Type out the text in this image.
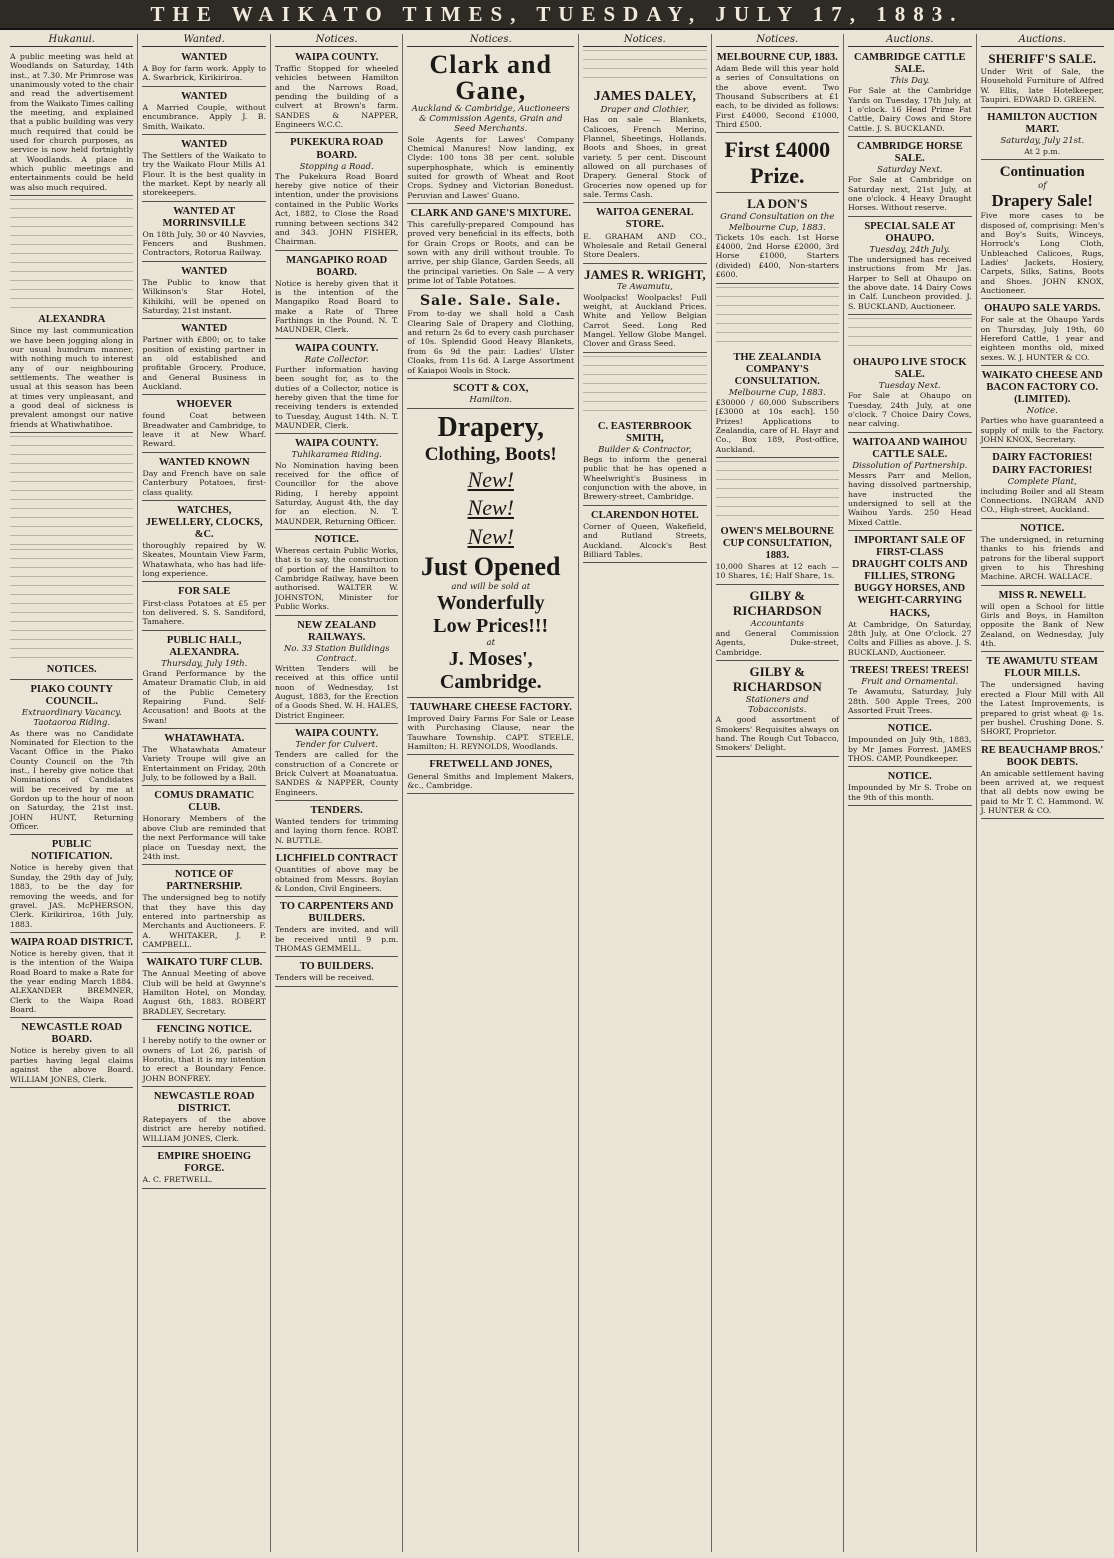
THE WAIKATO TIMES, TUESDAY, JULY 17, 1883.
Hukanui.
A public meeting was held at Woodlands on Saturday, 14th inst., at 7.30. Mr Primrose was unanimously voted to the chair and read the advertisement from the Waikato Times calling the meeting, and explained that a public building was very much required that could be used for church purposes, as service is now held fortnightly at Woodlands. A place in which public meetings and entertainments could be held was also much required.
ALEXANDRA
Since my last communication we have been jogging along in our usual humdrum manner, with nothing much to interest any of our neighbouring settlements. The weather is usual at this season has been at times very unpleasant, and a good deal of sickness is prevalent amongst our native friends at Whatiwhatihoe.
NOTICES.
PIAKO COUNTY COUNCIL.
Extraordinary Vacancy. Taotaoroa Riding.
As there was no Candidate Nominated for Election to the Vacant Office in the Piako County Council on the 7th inst., I hereby give notice that Nominations of Candidates will be received by me at Gordon up to the hour of noon on Saturday, the 21st inst. JOHN HUNT, Returning Officer.
PUBLIC NOTIFICATION.
Notice is hereby given that Sunday, the 29th day of July, 1883, to be the day for removing the weeds, and for gravel. JAS. McPHERSON, Clerk. Kirikiriroa, 16th July, 1883.
WAIPA ROAD DISTRICT.
Notice is hereby given, that it is the intention of the Waipa Road Board to make a Rate for the year ending March 1884. ALEXANDER BREMNER, Clerk to the Waipa Road Board.
NEWCASTLE ROAD BOARD.
Notice is hereby given to all parties having legal claims against the above Board. WILLIAM JONES, Clerk.
Wanted.
WANTED
A Boy for farm work. Apply to A. Swarbrick, Kirikiriroa.
WANTED
A Married Couple, without encumbrance. Apply J. B. Smith, Waikato.
WANTED
The Settlers of the Waikato to try the Waikato Flour Mills A1 Flour. It is the best quality in the market. Kept by nearly all storekeepers.
WANTED AT MORRINSVILLE
On 18th July, 30 or 40 Navvies, Fencers and Bushmen. Contractors, Rotorua Railway.
WANTED
The Public to know that Wilkinson's Star Hotel, Kihikihi, will be opened on Saturday, 21st instant.
WANTED
Partner with £800; or, to take position of existing partner in an old established and profitable Grocery, Produce, and General Business in Auckland.
WHOEVER
found Coat between Breadwater and Cambridge, to leave it at New Wharf. Reward.
WANTED KNOWN
Day and French have on sale Canterbury Potatoes, first-class quality.
WATCHES, JEWELLERY, CLOCKS, &C.
thoroughly repaired by W. Skeates, Mountain View Farm, Whatawhata, who has had life-long experience.
FOR SALE
First-class Potatoes at £5 per ton delivered. S. S. Sandiford, Tamahere.
PUBLIC HALL, ALEXANDRA.
Thursday, July 19th.
Grand Performance by the Amateur Dramatic Club, in aid of the Public Cemetery Repairing Fund. Self-Accusation! and Boots at the Swan!
WHATAWHATA.
The Whatawhata Amateur Variety Troupe will give an Entertainment on Friday, 20th July, to be followed by a Ball.
COMUS DRAMATIC CLUB.
Honorary Members of the above Club are reminded that the next Performance will take place on Tuesday next, the 24th inst.
NOTICE OF PARTNERSHIP.
The undersigned beg to notify that they have this day entered into partnership as Merchants and Auctioneers. F. A. WHITAKER, J. P. CAMPBELL.
WAIKATO TURF CLUB.
The Annual Meeting of above Club will be held at Gwynne's Hamilton Hotel, on Monday, August 6th, 1883. ROBERT BRADLEY, Secretary.
FENCING NOTICE.
I hereby notify to the owner or owners of Lot 26, parish of Horotiu, that it is my intention to erect a Boundary Fence. JOHN BONFREY.
NEWCASTLE ROAD DISTRICT.
Ratepayers of the above district are hereby notified. WILLIAM JONES, Clerk.
EMPIRE SHOEING FORGE.
A. C. FRETWELL.
Notices.
WAIPA COUNTY.
Traffic Stopped for wheeled vehicles between Hamilton and the Narrows Road, pending the building of a culvert at Brown's farm. SANDES & NAPPER, Engineers W.C.C.
PUKEKURA ROAD BOARD.
Stopping a Road.
The Pukekura Road Board hereby give notice of their intention, under the provisions contained in the Public Works Act, 1882, to Close the Road running between sections 342 and 343. JOHN FISHER, Chairman.
MANGAPIKO ROAD BOARD.
Notice is hereby given that it is the intention of the Mangapiko Road Board to make a Rate of Three Farthings in the Pound. N. T. MAUNDER, Clerk.
WAIPA COUNTY.
Rate Collector.
Further information having been sought for, as to the duties of a Collector, notice is hereby given that the time for receiving tenders is extended to Tuesday, August 14th. N. T. MAUNDER, Clerk.
WAIPA COUNTY.
Tuhikaramea Riding.
No Nomination having been received for the office of Councillor for the above Riding, I hereby appoint Saturday, August 4th, the day for an election. N. T. MAUNDER, Returning Officer.
NOTICE.
Whereas certain Public Works, that is to say, the construction of portion of the Hamilton to Cambridge Railway, have been authorised. WALTER W. JOHNSTON, Minister for Public Works.
NEW ZEALAND RAILWAYS.
No. 33 Station Buildings Contract.
Written Tenders will be received at this office until noon of Wednesday, 1st August, 1883, for the Erection of a Goods Shed. W. H. HALES, District Engineer.
WAIPA COUNTY.
Tender for Culvert.
Tenders are called for the construction of a Concrete or Brick Culvert at Moanatuatua. SANDES & NAPPER, County Engineers.
TENDERS.
Wanted tenders for trimming and laying thorn fence. ROBT. N. BUTTLE.
LICHFIELD CONTRACT
Quantities of above may be obtained from Messrs. Boylan & London, Civil Engineers.
TO CARPENTERS AND BUILDERS.
Tenders are invited, and will be received until 9 p.m. THOMAS GEMMELL.
TO BUILDERS.
Tenders will be received.
Notices.
Clark and Gane,
Auckland & Cambridge, Auctioneers & Commission Agents, Grain and Seed Merchants.
Sole Agents for Lawes' Company Chemical Manures! Now landing, ex Clyde: 100 tons 38 per cent. soluble superphosphate, which is eminently suited for growth of Wheat and Root Crops. Sydney and Victorian Bonedust. Peruvian and Lawes' Guano.
CLARK AND GANE'S MIXTURE.
This carefully-prepared Compound has proved very beneficial in its effects, both for Grain Crops or Roots, and can be sown with any drill without trouble. To arrive, per ship Glance, Garden Seeds, all the principal varieties. On Sale — A very prime lot of Table Potatoes.
Sale. Sale. Sale.
From to-day we shall hold a Cash Clearing Sale of Drapery and Clothing, and return 2s 6d to every cash purchaser of 10s. Splendid Good Heavy Blankets, from 6s 9d the pair. Ladies' Ulster Cloaks, from 11s 6d. A Large Assortment of Kaiapoi Wools in Stock.
SCOTT & COX,
Hamilton.
Drapery,
Clothing, Boots!
New!
New!
New!
Just Opened
and will be sold at
Wonderfully
Low Prices!!!
at
J. Moses',
Cambridge.
TAUWHARE CHEESE FACTORY.
Improved Dairy Farms For Sale or Lease with Purchasing Clause, near the Tauwhare Township. CAPT. STEELE, Hamilton; H. REYNOLDS, Woodlands.
FRETWELL AND JONES,
General Smiths and Implement Makers, &c., Cambridge.
Notices.
JAMES DALEY,
Draper and Clothier,
Has on sale — Blankets, Calicoes, French Merino, Flannel, Sheetings, Hollands. Boots and Shoes, in great variety. 5 per cent. Discount allowed on all purchases of Drapery. General Stock of Groceries now opened up for sale. Terms Cash.
WAITOA GENERAL STORE.
E. GRAHAM AND CO., Wholesale and Retail General Store Dealers.
JAMES R. WRIGHT,
Te Awamutu,
Woolpacks! Woolpacks! Full weight, at Auckland Prices. White and Yellow Belgian Carrot Seed. Long Red Mangel. Yellow Globe Mangel. Clover and Grass Seed.
C. EASTERBROOK SMITH,
Builder & Contractor,
Begs to inform the general public that he has opened a Wheelwright's Business in conjunction with the above, in Brewery-street, Cambridge.
CLARENDON HOTEL
Corner of Queen, Wakefield, and Rutland Streets, Auckland. Alcock's Best Billiard Tables.
Notices.
MELBOURNE CUP, 1883.
Adam Bede will this year hold a series of Consultations on the above event. Two Thousand Subscribers at £1 each, to be divided as follows: First £4000, Second £1000, Third £500.
First £4000 Prize.
LA DON'S
Grand Consultation on the Melbourne Cup, 1883.
Tickets 10s each. 1st Horse £4000, 2nd Horse £2000, 3rd Horse £1000, Starters (divided) £400, Non-starters £600.
THE ZEALANDIA COMPANY'S CONSULTATION.
Melbourne Cup, 1883.
£30000 / 60,000 Subscribers [£3000 at 10s each]. 150 Prizes! Applications to Zealandia, care of H. Hayr and Co., Box 189, Post-office, Auckland.
OWEN'S MELBOURNE CUP CONSULTATION, 1883.
10,000 Shares at 12 each — 10 Shares, 1£; Half Share, 1s.
GILBY & RICHARDSON
Accountants
and General Commission Agents, Duke-street, Cambridge.
GILBY & RICHARDSON
Stationers and Tobacconists.
A good assortment of Smokers' Requisites always on hand. The Rough Cut Tobacco, Smokers' Delight.
Auctions.
CAMBRIDGE CATTLE SALE.
This Day.
For Sale at the Cambridge Yards on Tuesday, 17th July, at 1 o'clock. 16 Head Prime Fat Cattle, Dairy Cows and Store Cattle. J. S. BUCKLAND.
CAMBRIDGE HORSE SALE.
Saturday Next.
For Sale at Cambridge on Saturday next, 21st July, at one o'clock. 4 Heavy Draught Horses. Without reserve.
SPECIAL SALE AT OHAUPO.
Tuesday, 24th July.
The undersigned has received instructions from Mr Jas. Harper to Sell at Ohaupo on the above date. 14 Dairy Cows in Calf. Luncheon provided. J. S. BUCKLAND, Auctioneer.
OHAUPO LIVE STOCK SALE.
Tuesday Next.
For Sale at Ohaupo on Tuesday, 24th July, at one o'clock. 7 Choice Dairy Cows, near calving.
WAITOA AND WAIHOU CATTLE SALE.
Dissolution of Partnership.
Messrs Parr and Mellon, having dissolved partnership, have instructed the undersigned to sell at the Waihou Yards. 250 Head Mixed Cattle.
IMPORTANT SALE OF FIRST-CLASS DRAUGHT COLTS AND FILLIES, STRONG BUGGY HORSES, AND WEIGHT-CARRYING HACKS,
At Cambridge, On Saturday, 28th July, at One O'clock. 27 Colts and Fillies as above. J. S. BUCKLAND, Auctioneer.
TREES! TREES! TREES!
Fruit and Ornamental.
Te Awamutu, Saturday, July 28th. 500 Apple Trees, 200 Assorted Fruit Trees.
NOTICE.
Impounded on July 9th, 1883, by Mr James Forrest. JAMES THOS. CAMP, Poundkeeper.
NOTICE.
Impounded by Mr S. Trobe on the 9th of this month.
Auctions.
SHERIFF'S SALE.
Under Writ of Sale, the Household Furniture of Alfred W. Ellis, late Hotelkeeper, Taupiri. EDWARD D. GREEN.
HAMILTON AUCTION MART.
Saturday, July 21st.
At 2 p.m.
Continuation
of
Drapery Sale!
Five more cases to be disposed of, comprising: Men's and Boy's Suits, Winceys, Horrock's Long Cloth, Unbleached Calicoes, Rugs, Ladies' Jackets, Hosiery, Carpets, Silks, Satins, Boots and Shoes. JOHN KNOX, Auctioneer.
OHAUPO SALE YARDS.
For sale at the Ohaupo Yards on Thursday, July 19th, 60 Hereford Cattle, 1 year and eighteen months old, mixed sexes. W. J. HUNTER & CO.
WAIKATO CHEESE AND BACON FACTORY CO. (LIMITED).
Notice.
Parties who have guaranteed a supply of milk to the Factory. JOHN KNOX, Secretary.
DAIRY FACTORIES! DAIRY FACTORIES!
Complete Plant,
including Boiler and all Steam Connections. INGRAM AND CO., High-street, Auckland.
NOTICE.
The undersigned, in returning thanks to his friends and patrons for the liberal support given to his Threshing Machine. ARCH. WALLACE.
MISS R. NEWELL
will open a School for little Girls and Boys, in Hamilton opposite the Bank of New Zealand, on Wednesday, July 4th.
TE AWAMUTU STEAM FLOUR MILLS.
The undersigned having erected a Flour Mill with All the Latest Improvements, is prepared to grist wheat @ 1s. per bushel. Crushing Done. S. SHORT, Proprietor.
RE BEAUCHAMP BROS.' BOOK DEBTS.
An amicable settlement having been arrived at, we request that all debts now owing be paid to Mr T. C. Hammond. W. J. HUNTER & CO.
